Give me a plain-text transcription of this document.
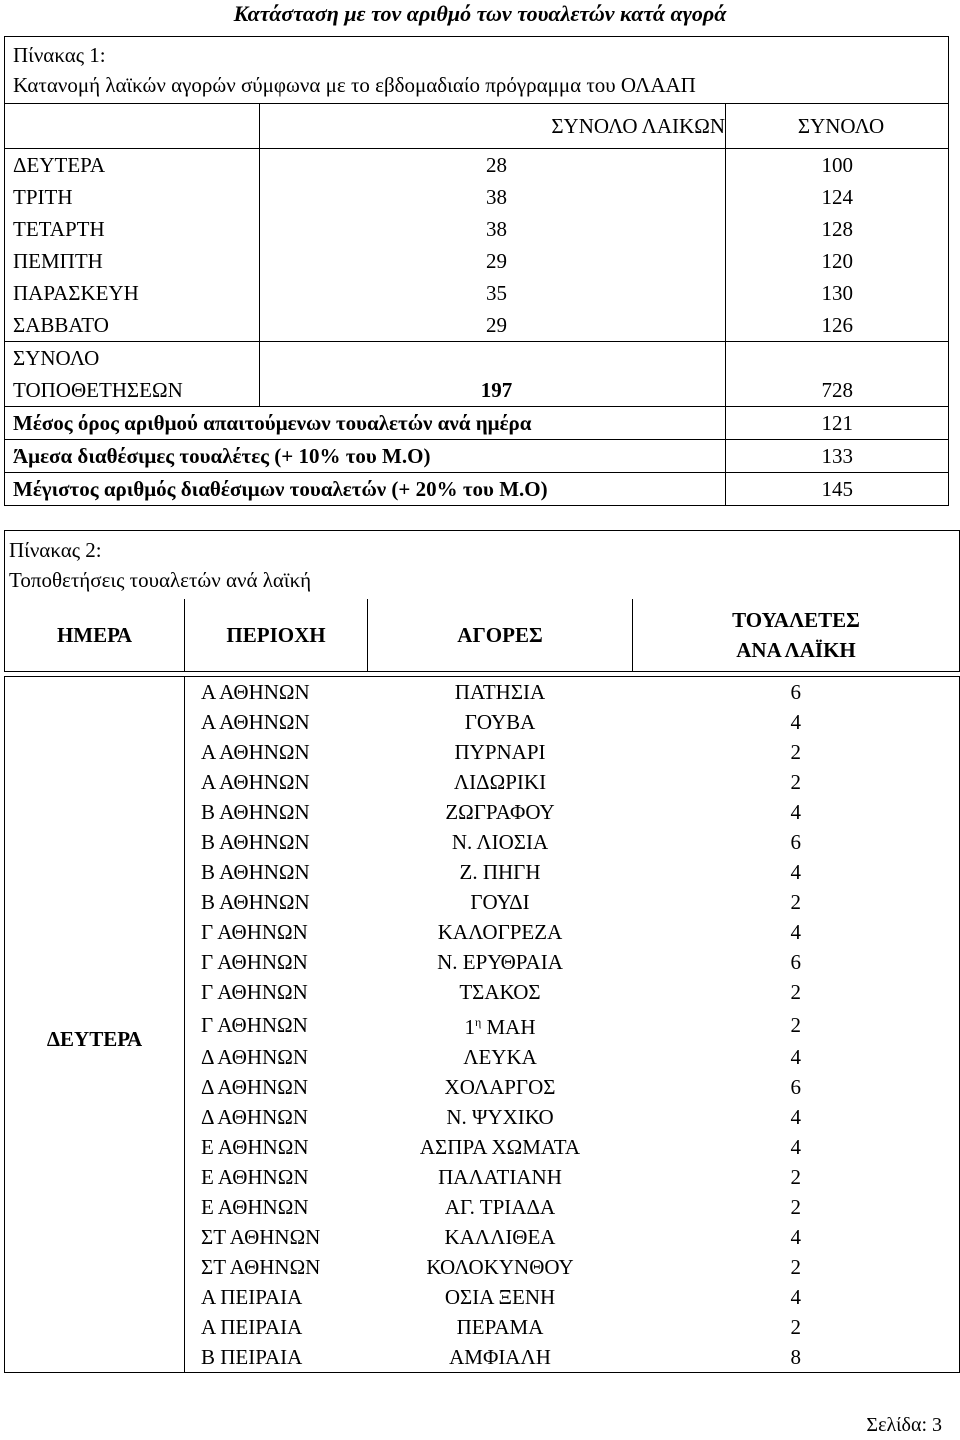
Κατάσταση με τον αριθμό των τουαλετών κατά αγορά
Πίνακας 1:
Κατανομή λαϊκών αγορών σύμφωνα με το εβδομαδιαίο πρόγραμμα του ΟΛΑΑΠ		

	ΣΥΝΟΛΟ ΛΑΙΚΩΝ	ΣΥΝΟΛΟ
ΔΕΥΤΕΡΑ	28	100
ΤΡΙΤΗ	38	124
ΤΕΤΑΡΤΗ	38	128
ΠΕΜΠΤΗ	29	120
ΠΑΡΑΣΚΕΥΗ	35	130
ΣΑΒΒΑΤΟ	29	126

ΣΥΝΟΛΟ
ΤΟΠΟΘΕΤΗΣΕΩΝ	197	728
Μέσος όρος αριθμού απαιτούμενων τουαλετών ανά ημέρα		121
Άμεσα διαθέσιμες τουαλέτες (+ 10% του Μ.Ο)		133
Μέγιστος αριθμός διαθέσιμων τουαλετών (+ 20% του Μ.Ο)		145
Πίνακας 2:
Τοποθετήσεις τουαλετών ανά λαϊκή			

ΗΜΕΡΑ	ΠΕΡΙΟΧΗ	ΑΓΟΡΕΣ	ΤΟΥΑΛΕΤΕΣ
ΑΝΑ ΛΑΪΚΗ

ΔΕΥΤΕΡΑ	Α ΑΘΗΝΩΝ	ΠΑΤΗΣΙΑ	6
	Α ΑΘΗΝΩΝ	ΓΟΥΒΑ	4
	Α ΑΘΗΝΩΝ	ΠΥΡΝΑΡΙ	2
	Α ΑΘΗΝΩΝ	ΛΙΔΩΡΙΚΙ	2
	Β ΑΘΗΝΩΝ	ΖΩΓΡΑΦΟΥ	4
	Β ΑΘΗΝΩΝ	Ν. ΛΙΟΣΙΑ	6
	Β ΑΘΗΝΩΝ	Ζ. ΠΗΓΗ	4
	Β ΑΘΗΝΩΝ	ΓΟΥΔΙ	2
	Γ ΑΘΗΝΩΝ	ΚΑΛΟΓΡΕΖΑ	4
	Γ ΑΘΗΝΩΝ	Ν. ΕΡΥΘΡΑΙΑ	6
	Γ ΑΘΗΝΩΝ	ΤΣΑΚΟΣ	2
	Γ ΑΘΗΝΩΝ	$1^\eta$ ΜΑΗ	2
	Δ ΑΘΗΝΩΝ	ΛΕΥΚΑ	4
	Δ ΑΘΗΝΩΝ	ΧΟΛΑΡΓΟΣ	6
	Δ ΑΘΗΝΩΝ	Ν. ΨΥΧΙΚΟ	4
	Ε ΑΘΗΝΩΝ	ΑΣΠΡΑ ΧΩΜΑΤΑ	4
	Ε ΑΘΗΝΩΝ	ΠΑΛΑΤΙΑΝΗ	2
	Ε ΑΘΗΝΩΝ	ΑΓ. ΤΡΙΑΔΑ	2
	ΣΤ ΑΘΗΝΩΝ	ΚΑΛΛΙΘΕΑ	4
	ΣΤ ΑΘΗΝΩΝ	ΚΟΛΟΚΥΝΘΟΥ	2
	Α ΠΕΙΡΑΙΑ	ΟΣΙΑ ΞΕΝΗ	4
	Α ΠΕΙΡΑΙΑ	ΠΕΡΑΜΑ	2
	Β ΠΕΙΡΑΙΑ	ΑΜΦΙΑΛΗ	8
Σελίδα: 3
